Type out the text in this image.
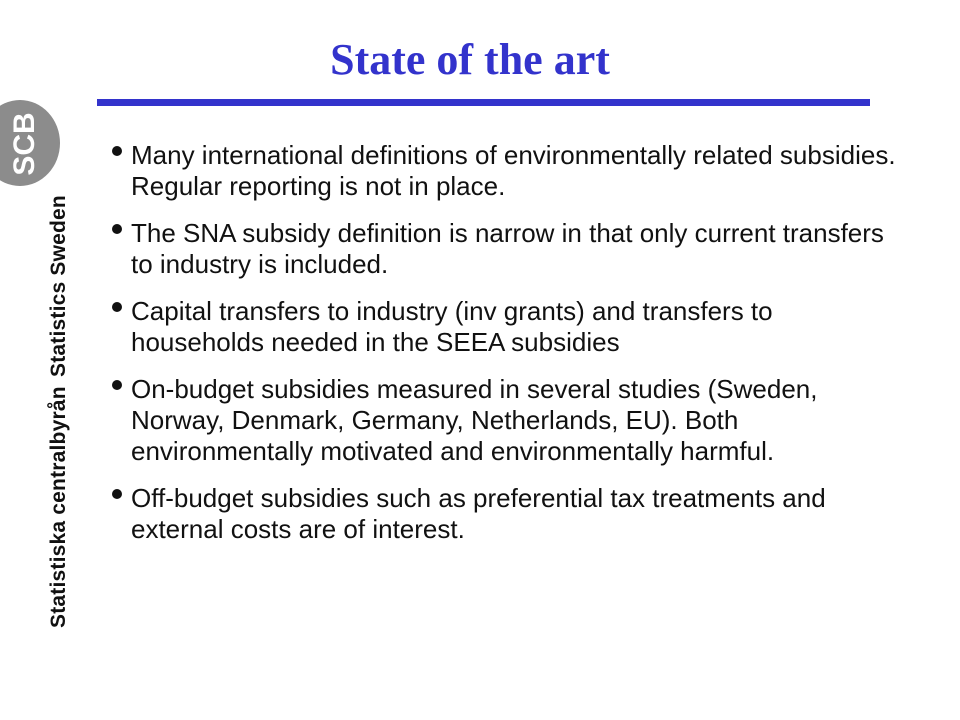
State of the art
SCB
Statistics Sweden
Statistiska centralbyrån
Many international definitions of environmentally related subsidies. Regular reporting is not in place.
The SNA subsidy definition is narrow in that only current transfers to industry is included.
Capital transfers to industry (inv grants) and transfers to households needed in the SEEA subsidies
On-budget subsidies measured in several studies (Sweden, Norway, Denmark, Germany, Netherlands, EU). Both environmentally motivated and environmentally harmful.
Off-budget subsidies such as preferential tax treatments and external costs are of interest.
